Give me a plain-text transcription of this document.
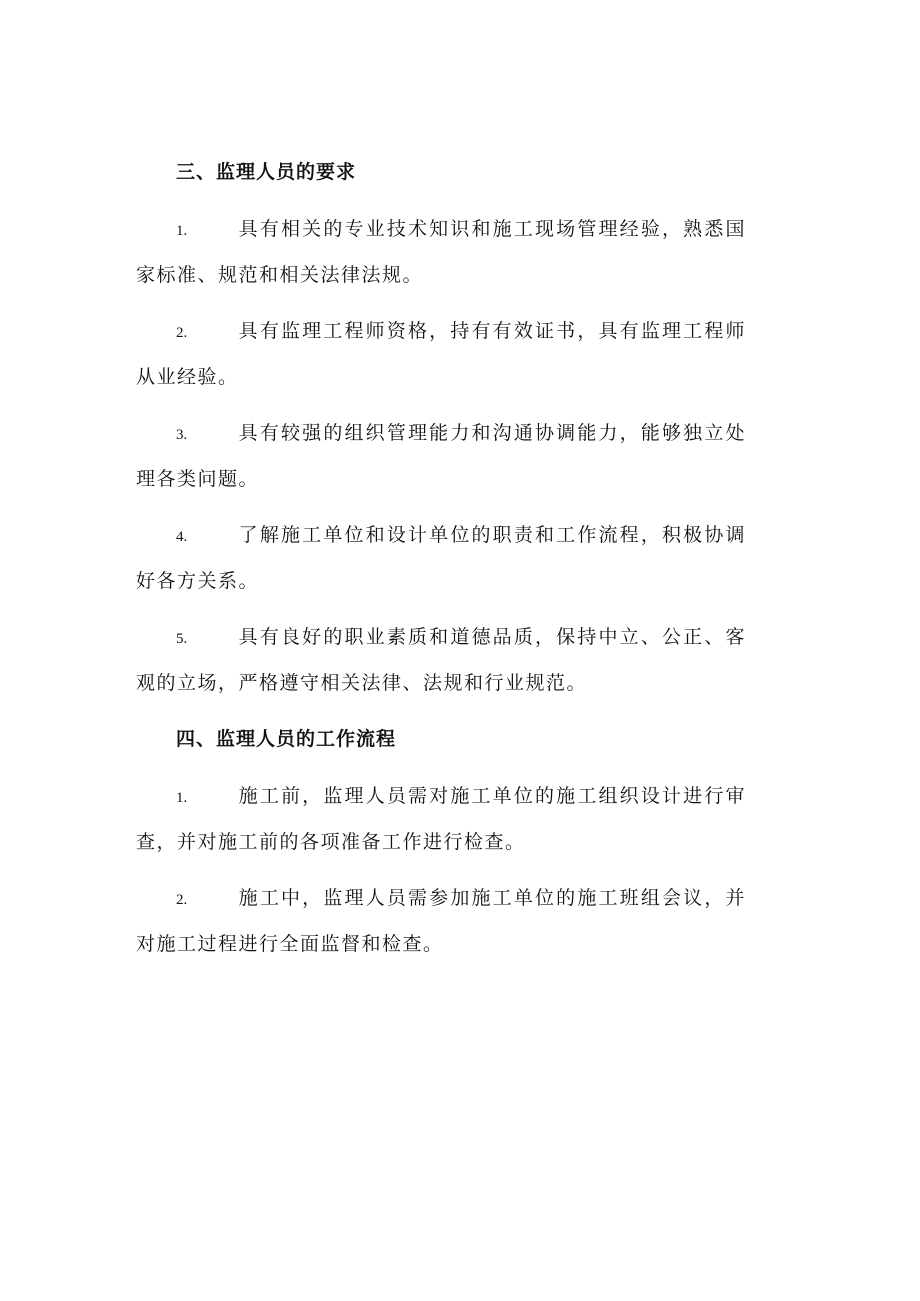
三、监理人员的要求

1.	具有相关的专业技术知识和施工现场管理经验，熟悉国家标准、规范和相关法律法规。

2.	具有监理工程师资格，持有有效证书，具有监理工程师从业经验。

3.	具有较强的组织管理能力和沟通协调能力，能够独立处理各类问题。

4.	了解施工单位和设计单位的职责和工作流程，积极协调好各方关系。

5.	具有良好的职业素质和道德品质，保持中立、公正、客观的立场，严格遵守相关法律、法规和行业规范。

四、监理人员的工作流程

1.	施工前，监理人员需对施工单位的施工组织设计进行审查，并对施工前的各项准备工作进行检查。

2.	施工中，监理人员需参加施工单位的施工班组会议，并对施工过程进行全面监督和检查。
